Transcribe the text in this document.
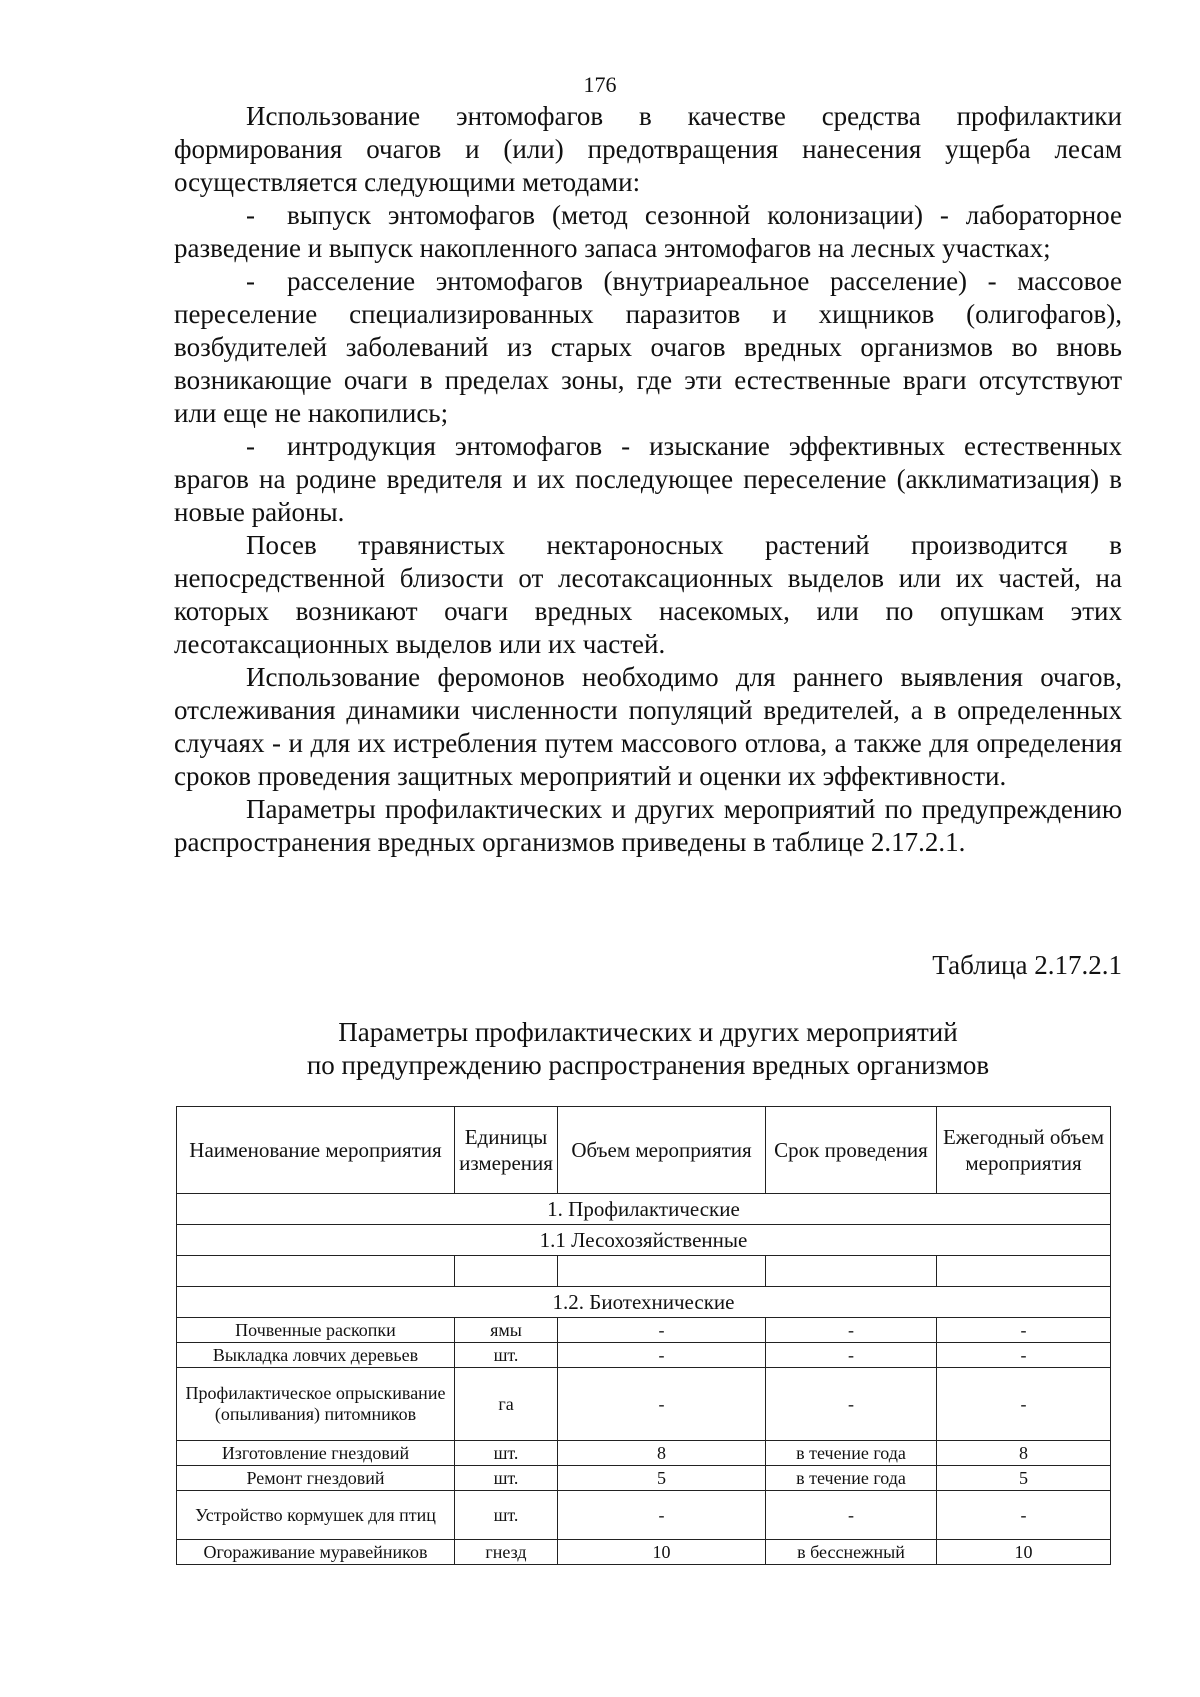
176

Использование энтомофагов в качестве средства профилактики формирования очагов и (или) предотвращения нанесения ущерба лесам осуществляется следующими методами:

- выпуск энтомофагов (метод сезонной колонизации) - лабораторное разведение и выпуск накопленного запаса энтомофагов на лесных участках;

- расселение энтомофагов (внутриареальное расселение) - массовое переселение специализированных паразитов и хищников (олигофагов), возбудителей заболеваний из старых очагов вредных организмов во вновь возникающие очаги в пределах зоны, где эти естественные враги отсутствуют или еще не накопились;

- интродукция энтомофагов - изыскание эффективных естественных врагов на родине вредителя и их последующее переселение (акклиматизация) в новые районы.

Посев травянистых нектароносных растений производится в непосредственной близости от лесотаксационных выделов или их частей, на которых возникают очаги вредных насекомых, или по опушкам этих лесотаксационных выделов или их частей.

Использование феромонов необходимо для раннего выявления очагов, отслеживания динамики численности популяций вредителей, а в определенных случаях - и для их истребления путем массового отлова, а также для определения сроков проведения защитных мероприятий и оценки их эффективности.

Параметры профилактических и других мероприятий по предупреждению распространения вредных организмов приведены в таблице 2.17.2.1.

Таблица 2.17.2.1
Параметры профилактических и других мероприятий
по предупреждению распространения вредных организмов
Наименование мероприятия	Единицы измерения	Объем мероприятия	Срок проведения	Ежегодный объем мероприятия
1. Профилактические				
1.1 Лесохозяйственные				

1.2. Биотехнические				
Почвенные раскопки	ямы	-	-	-
Выкладка ловчих деревьев	шт.	-	-	-
Профилактическое опрыскивание (опыливания) питомников	га	-	-	-
Изготовление гнездовий	шт.	8	в течение года	8
Ремонт гнездовий	шт.	5	в течение года	5
Устройство кормушек для птиц	шт.	-	-	-
Огораживание муравейников	гнезд	10	в бесснежный	10
